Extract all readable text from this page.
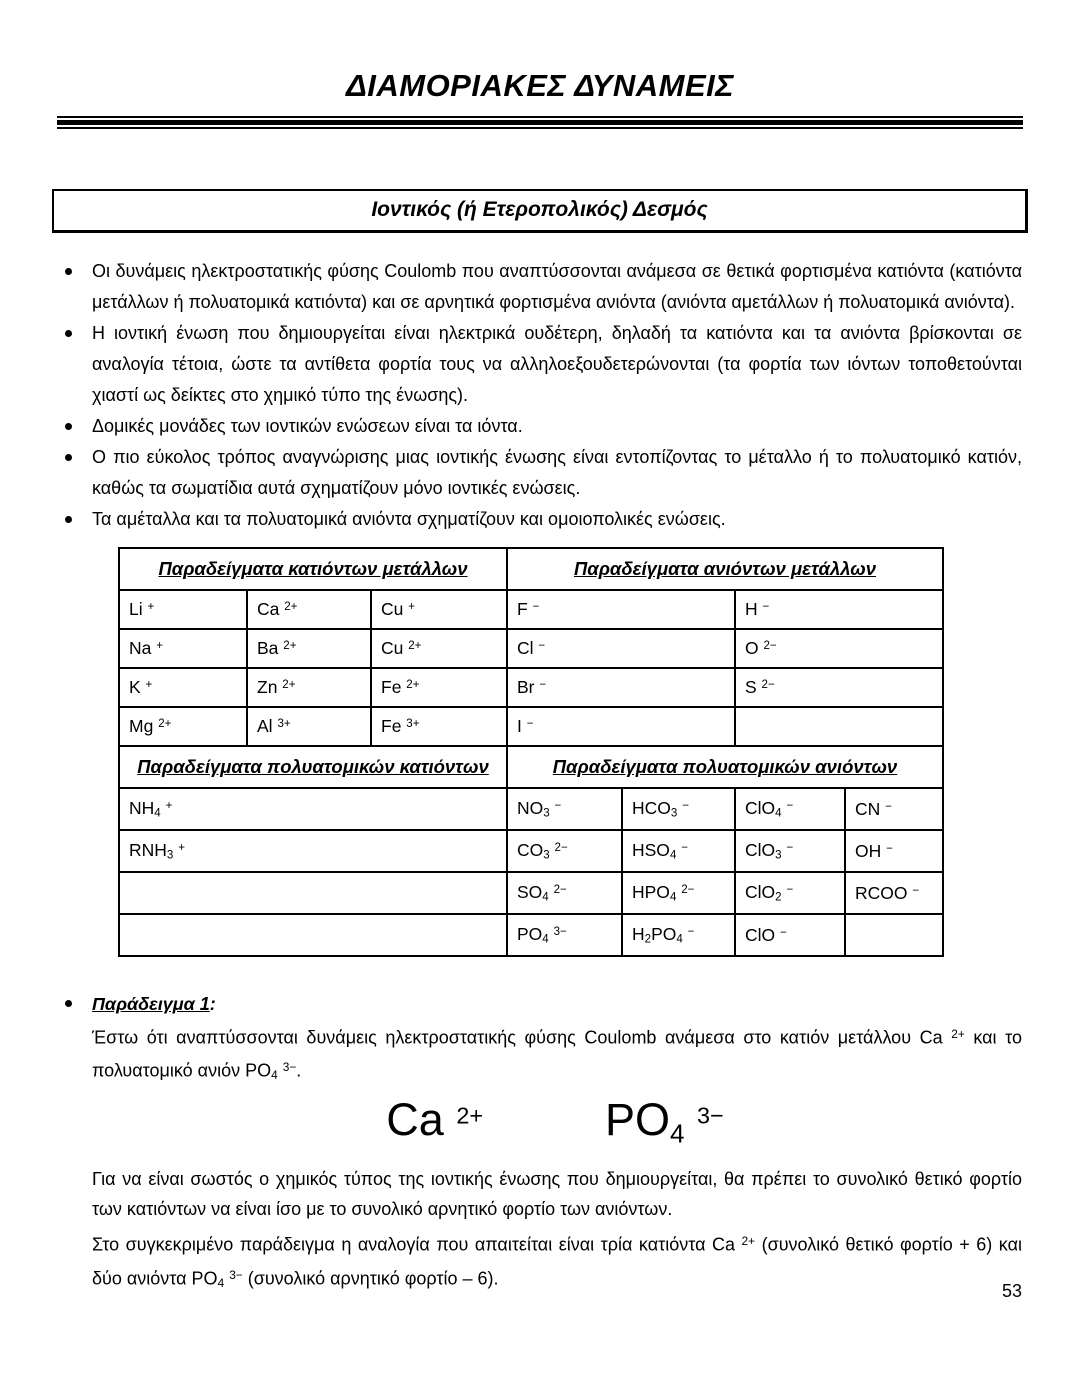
ΔΙΑΜΟΡΙΑΚΕΣ ΔΥΝΑΜΕΙΣ
Ιοντικός (ή Ετεροπολικός) Δεσμός
Οι δυνάμεις ηλεκτροστατικής φύσης Coulomb που αναπτύσσονται ανάμεσα σε θετικά φορτισμένα κατιόντα (κατιόντα μετάλλων ή πολυατομικά κατιόντα) και σε αρνητικά φορτισμένα ανιόντα (ανιόντα αμετάλλων ή πολυατομικά ανιόντα).
Η ιοντική ένωση που δημιουργείται είναι ηλεκτρικά ουδέτερη, δηλαδή τα κατιόντα και τα ανιόντα βρίσκονται σε αναλογία τέτοια, ώστε τα αντίθετα φορτία τους να αλληλοεξουδετερώνονται (τα φορτία των ιόντων τοποθετούνται χιαστί ως δείκτες στο χημικό τύπο της ένωσης).
Δομικές μονάδες των ιοντικών ενώσεων είναι τα ιόντα.
Ο πιο εύκολος τρόπος αναγνώρισης μιας ιοντικής ένωσης είναι εντοπίζοντας το μέταλλο ή το πολυατομικό κατιόν, καθώς τα σωματίδια αυτά σχηματίζουν μόνο ιοντικές ενώσεις.
Τα αμέταλλα και τα πολυατομικά ανιόντα σχηματίζουν και ομοιοπολικές ενώσεις.
Παραδείγματα κατιόντων μετάλλων			Παραδείγματα ανιόντων μετάλλων			
Li +	Ca $^{2+}$	Cu +	F −		H −
Na +	Ba $^{2+}$	Cu $^{2+}$	Cl −		O $^{2-}$
K +	Zn $^{2+}$	Fe $^{2+}$	Br −		S $^{2-}$
Mg $^{2+}$	Al $^{3+}$	Fe $^{3+}$	I −	
Παραδείγματα πολυατομικών κατιόντων			Παραδείγματα πολυατομικών ανιόντων			
$NH_4$ +			$NO_3$ −	$HCO_3$ −	ClO$_4$ −	CN −
$RNH_3$ +			$CO_3$ $^{2-}$	$HSO_4$ −	ClO$_3$ −	OH −
			$SO_4$ $^{2-}$	$HPO_4$ $^{2-}$	ClO$_2$ −	RCOO −
			$PO_4$ $^{3-}$	$H_2PO_4$ −	ClO −	
Παράδειγμα 1:
Έστω ότι αναπτύσσονται δυνάμεις ηλεκτροστατικής φύσης Coulomb ανάμεσα στο κατιόν μετάλλου Ca $^{2+}$ και το πολυατομικό ανιόν $PO_4$ $^{3-}$.
Ca $^{2+}$	$PO_4$ $^{3-}$
Για να είναι σωστός ο χημικός τύπος της ιοντικής ένωσης που δημιουργείται, θα πρέπει το συνολικό θετικό φορτίο των κατιόντων να είναι ίσο με το συνολικό αρνητικό φορτίο των ανιόντων.
Στο συγκεκριμένο παράδειγμα η αναλογία που απαιτείται είναι τρία κατιόντα Ca $^{2+}$ (συνολικό θετικό φορτίο + 6) και δύο ανιόντα $PO_4$ $^{3-}$ (συνολικό αρνητικό φορτίο – 6).
53
